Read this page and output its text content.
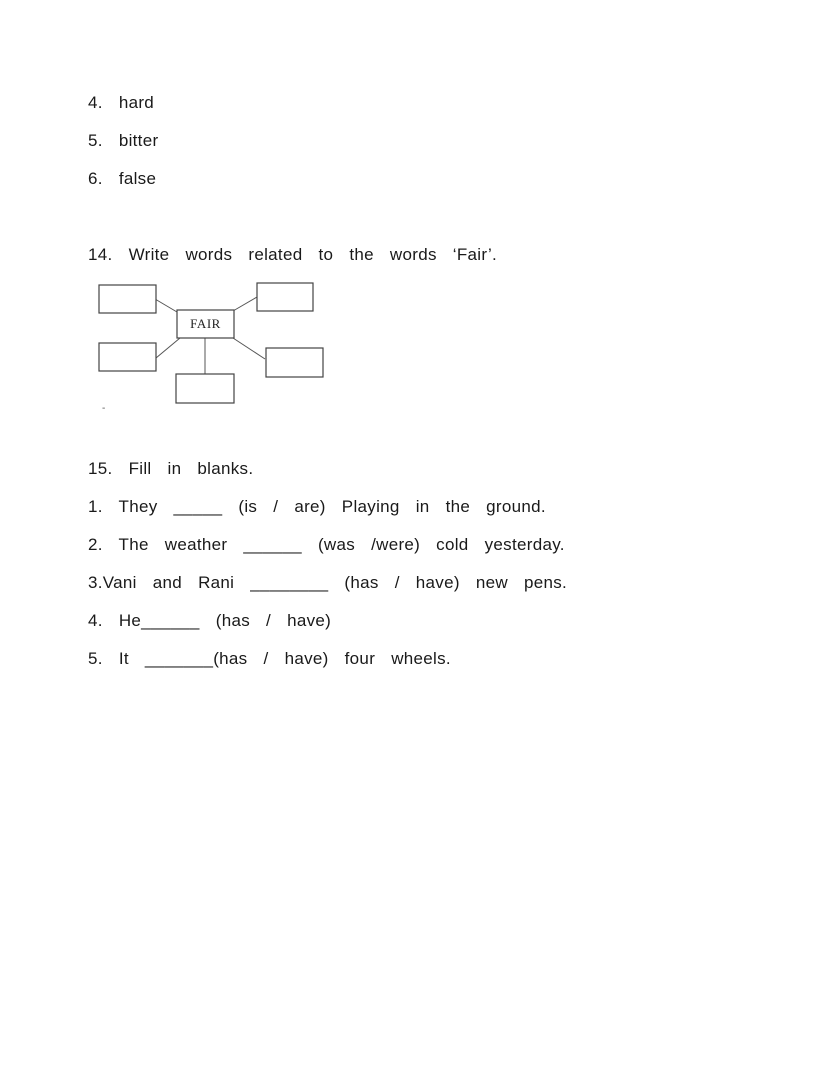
4.  hard
5.  bitter
6.  false
14.  Write  words  related  to  the  words  ‘Fair’.
FAIR
-
15.  Fill  in  blanks.
1.  They  _____  (is  /  are)  Playing  in  the  ground.
2.  The  weather  ______  (was  /were)  cold  yesterday.
3.Vani  and  Rani  ________  (has  /  have)  new  pens.
4.  He______  (has  /  have)
5.  It  _______(has  /  have)  four  wheels.
